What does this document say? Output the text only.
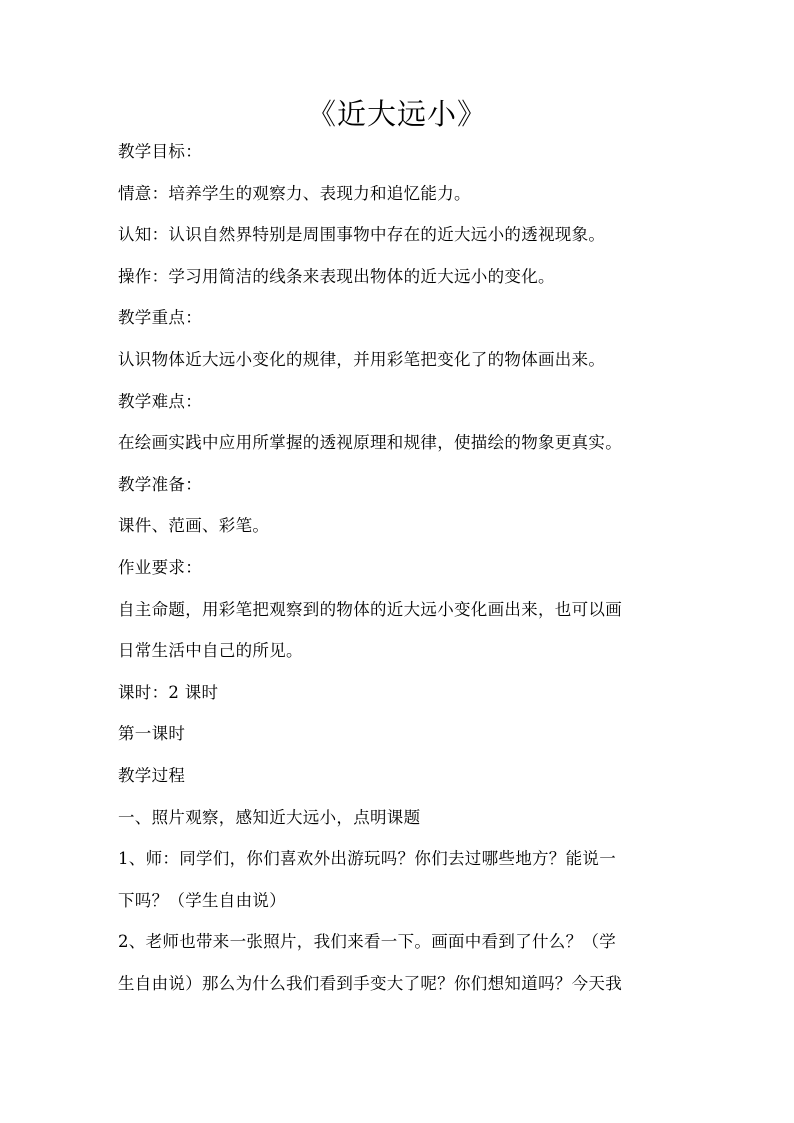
《近大远小》
教学目标：
情意：培养学生的观察力、表现力和追忆能力。
认知：认识自然界特别是周围事物中存在的近大远小的透视现象。
操作：学习用简洁的线条来表现出物体的近大远小的变化。
教学重点：
认识物体近大远小变化的规律，并用彩笔把变化了的物体画出来。
教学难点：
在绘画实践中应用所掌握的透视原理和规律，使描绘的物象更真实。
教学准备：
课件、范画、彩笔。
作业要求：
自主命题，用彩笔把观察到的物体的近大远小变化画出来，也可以画
日常生活中自己的所见。
课时：2 课时
第一课时
教学过程
一、照片观察，感知近大远小，点明课题
1、师：同学们，你们喜欢外出游玩吗？你们去过哪些地方？能说一
下吗？（学生自由说）
2、老师也带来一张照片，我们来看一下。画面中看到了什么？（学
生自由说）那么为什么我们看到手变大了呢？你们想知道吗？今天我
